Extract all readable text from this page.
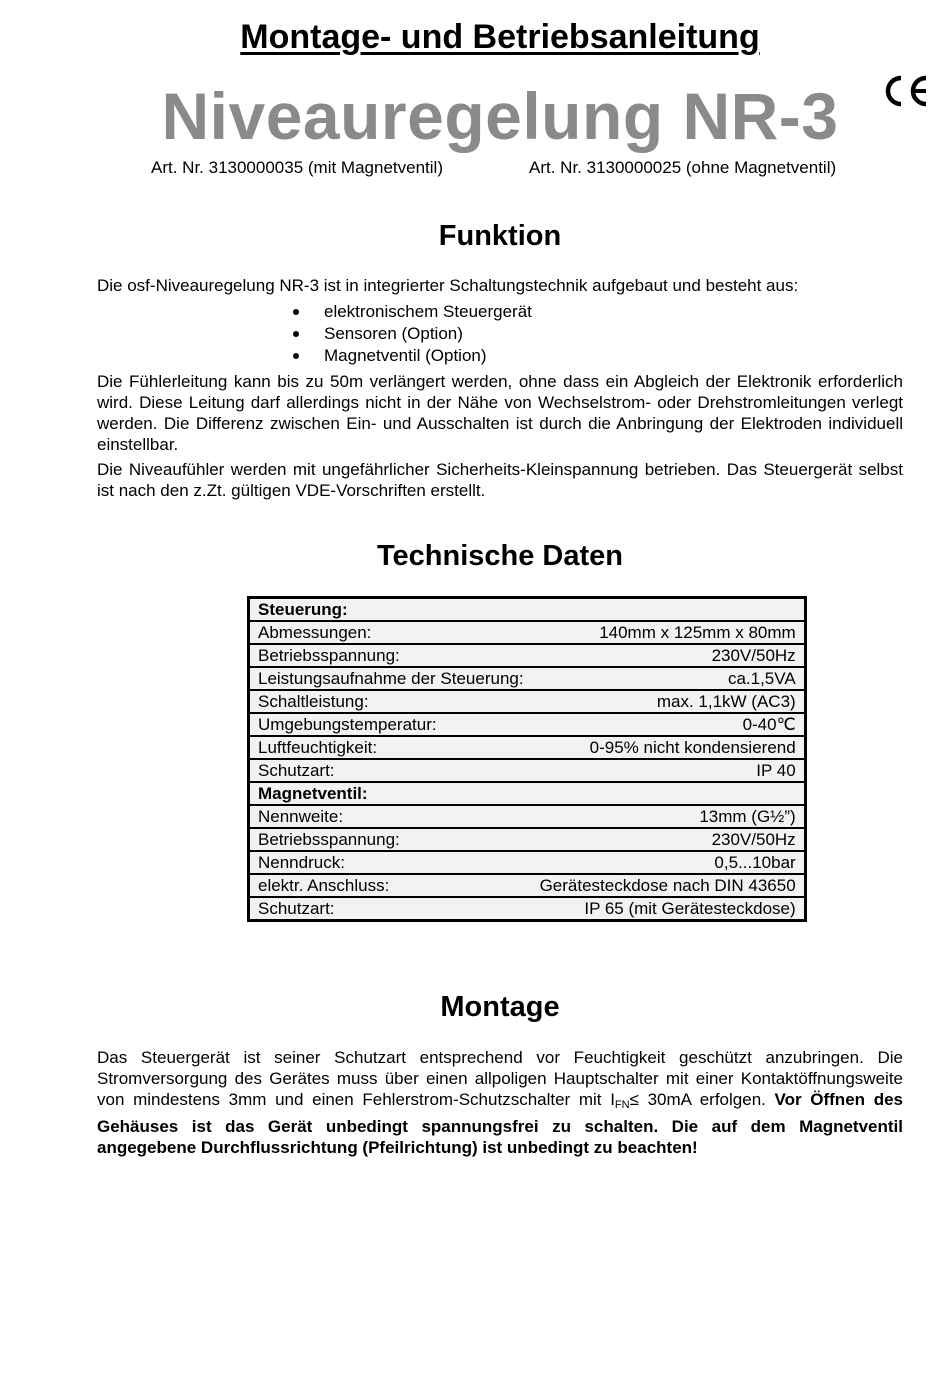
Montage- und Betriebsanleitung
Niveauregelung NR-3
Art. Nr. 3130000035 (mit Magnetventil)	Art. Nr. 3130000025 (ohne Magnetventil)
Funktion
Die osf-Niveauregelung NR-3 ist in integrierter Schaltungstechnik aufgebaut und besteht aus:
elektronischem Steuergerät
Sensoren (Option)
Magnetventil (Option)
Die Fühlerleitung kann bis zu 50m verlängert werden, ohne dass ein Abgleich der Elektronik erforderlich wird. Diese Leitung darf allerdings nicht in der Nähe von Wechselstrom- oder Drehstromleitungen verlegt werden. Die Differenz zwischen Ein- und Ausschalten ist durch die Anbringung der Elektroden individuell einstellbar.
Die Niveaufühler werden mit ungefährlicher Sicherheits-Kleinspannung betrieben. Das Steuergerät selbst ist nach den z.Zt. gültigen VDE-Vorschriften erstellt.
Technische Daten
Steuerung:	
Abmessungen:	140mm x 125mm x 80mm
Betriebsspannung:	230V/50Hz
Leistungsaufnahme der Steuerung:	ca.1,5VA
Schaltleistung:	max. 1,1kW (AC3)
Umgebungstemperatur:	0-40℃
Luftfeuchtigkeit:	0-95% nicht kondensierend
Schutzart:	IP 40
Magnetventil:	
Nennweite:	13mm (G½”)
Betriebsspannung:	230V/50Hz
Nenndruck:	0,5...10bar
elektr. Anschluss:	Gerätesteckdose nach DIN 43650
Schutzart:	IP 65 (mit Gerätesteckdose)
Montage
Das Steuergerät ist seiner Schutzart entsprechend vor Feuchtigkeit geschützt anzubringen. Die Stromversorgung des Gerätes muss über einen allpoligen Hauptschalter mit einer Kontaktöffnungsweite von mindestens 3mm und einen Fehlerstrom-Schutzschalter mit $I_{FN}\le 30mA$ erfolgen. Vor Öffnen des Gehäuses ist das Gerät unbedingt spannungsfrei zu schalten. Die auf dem Magnetventil angegebene Durchflussrichtung (Pfeilrichtung) ist unbedingt zu beachten!
